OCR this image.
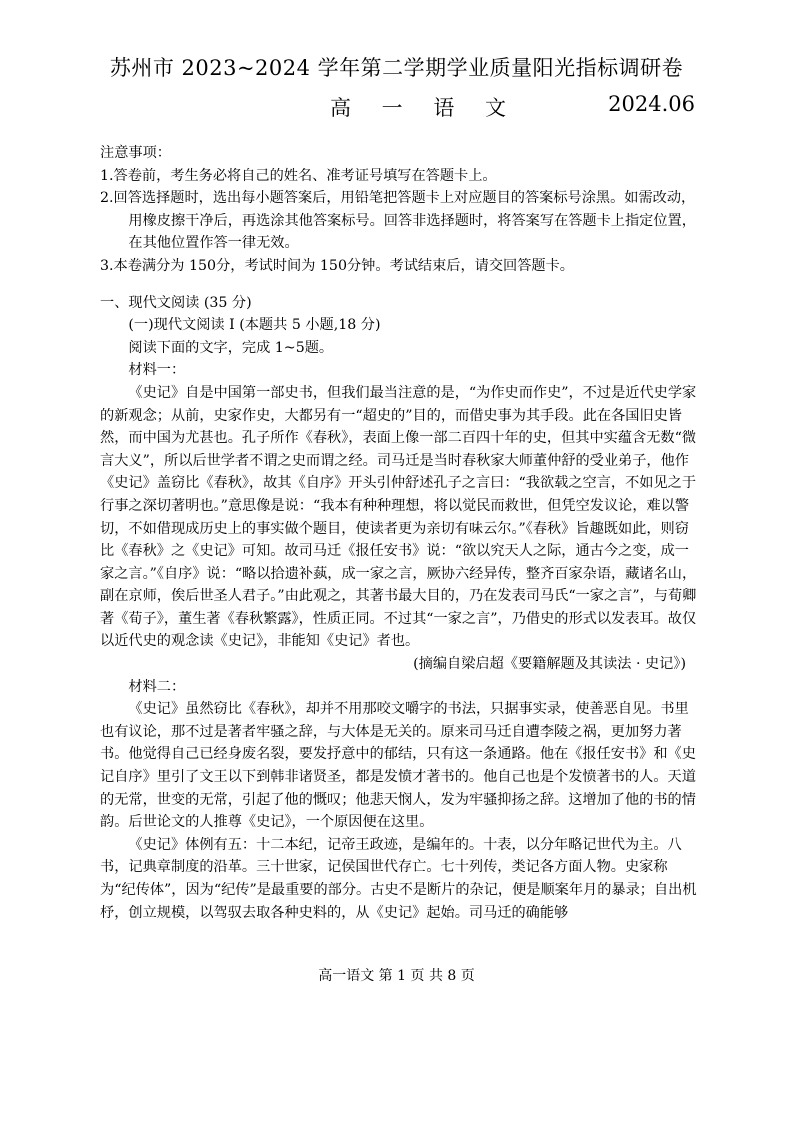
苏州市 2023~2024 学年第二学期学业质量阳光指标调研卷
高 一 语 文	2024.06

注意事项：

1.答卷前，考生务必将自己的姓名、准考证号填写在答题卡上。

2.回答选择题时，选出每小题答案后，用铅笔把答题卡上对应题目的答案标号涂黑。如需改动，用橡皮擦干净后，再选涂其他答案标号。回答非选择题时，将答案写在答题卡上指定位置，在其他位置作答一律无效。

3.本卷满分为 150分，考试时间为 150分钟。考试结束后，请交回答题卡。

一、现代文阅读 (35 分)

(一)现代文阅读 Ⅰ (本题共 5 小题,18 分)

阅读下面的文字，完成 1~5题。

材料一：

《史记》自是中国第一部史书，但我们最当注意的是，“为作史而作史”，不过是近代史学家的新观念；从前，史家作史，大都另有一“超史的”目的，而借史事为其手段。此在各国旧史皆然，而中国为尤甚也。孔子所作《春秋》，表面上像一部二百四十年的史，但其中实蕴含无数“微言大义”，所以后世学者不谓之史而谓之经。司马迁是当时春秋家大师董仲舒的受业弟子，他作《史记》盖窃比《春秋》，故其《自序》开头引仲舒述孔子之言曰：“我欲载之空言，不如见之于行事之深切著明也。”意思像是说：“我本有种种理想，将以觉民而救世，但凭空发议论，难以警切，不如借现成历史上的事实做个题目，使读者更为亲切有味云尔。”《春秋》旨趣既如此，则窃比《春秋》之《史记》可知。故司马迁《报任安书》说：“欲以究天人之际，通古今之变，成一家之言。”《自序》说：“略以拾遗补蓺，成一家之言，厥协六经异传，整齐百家杂语，藏诸名山，副在京师，俟后世圣人君子。”由此观之，其著书最大目的，乃在发表司马氏“一家之言”，与荀卿著《荀子》，董生著《春秋繁露》，性质正同。不过其“一家之言”，乃借史的形式以发表耳。故仅以近代史的观念读《史记》，非能知《史记》者也。

(摘编自梁启超《要籍解题及其读法 · 史记》)

材料二：

《史记》虽然窃比《春秋》，却并不用那咬文嚼字的书法，只据事实录，使善恶自见。书里也有议论，那不过是著者牢骚之辞，与大体是无关的。原来司马迁自遭李陵之祸，更加努力著书。他觉得自己已经身废名裂，要发抒意中的郁结，只有这一条通路。他在《报任安书》和《史记自序》里引了文王以下到韩非诸贤圣，都是发愤才著书的。他自己也是个发愤著书的人。天道的无常，世变的无常，引起了他的慨叹；他悲天悯人，发为牢骚抑扬之辞。这增加了他的书的情韵。后世论文的人推尊《史记》，一个原因便在这里。

《史记》体例有五：十二本纪，记帝王政迹，是编年的。十表，以分年略记世代为主。八书，记典章制度的沿革。三十世家，记侯国世代存亡。七十列传，类记各方面人物。史家称为“纪传体”，因为“纪传”是最重要的部分。古史不是断片的杂记，便是顺案年月的暴录；自出机杼，创立规模，以驾驭去取各种史料的，从《史记》起始。司马迁的确能够

高一语文 第 1 页 共 8 页
